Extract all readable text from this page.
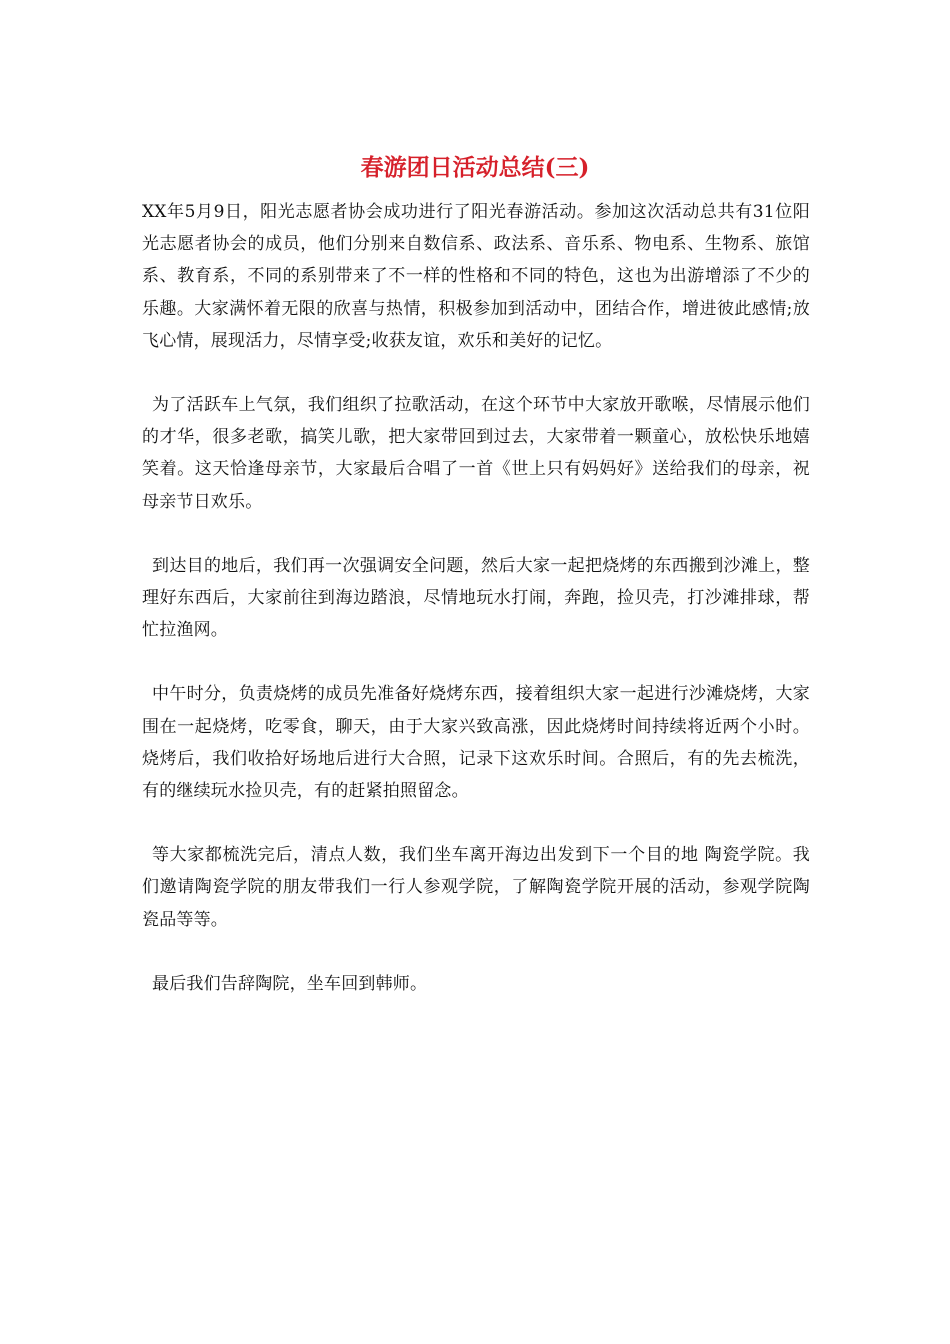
春游团日活动总结(三)

XX年5月9日，阳光志愿者协会成功进行了阳光春游活动。参加这次活动总共有31位阳光志愿者协会的成员，他们分别来自数信系、政法系、音乐系、物电系、生物系、旅馆系、教育系，不同的系别带来了不一样的性格和不同的特色，这也为出游增添了不少的乐趣。大家满怀着无限的欣喜与热情，积极参加到活动中，团结合作，增进彼此感情;放飞心情，展现活力，尽情享受;收获友谊，欢乐和美好的记忆。

为了活跃车上气氛，我们组织了拉歌活动，在这个环节中大家放开歌喉，尽情展示他们的才华，很多老歌，搞笑儿歌，把大家带回到过去，大家带着一颗童心，放松快乐地嬉笑着。这天恰逢母亲节，大家最后合唱了一首《世上只有妈妈好》送给我们的母亲，祝母亲节日欢乐。

到达目的地后，我们再一次强调安全问题，然后大家一起把烧烤的东西搬到沙滩上，整理好东西后，大家前往到海边踏浪，尽情地玩水打闹，奔跑，捡贝壳，打沙滩排球，帮忙拉渔网。

中午时分，负责烧烤的成员先准备好烧烤东西，接着组织大家一起进行沙滩烧烤，大家围在一起烧烤，吃零食，聊天，由于大家兴致高涨，因此烧烤时间持续将近两个小时。烧烤后，我们收拾好场地后进行大合照，记录下这欢乐时间。合照后，有的先去梳洗，有的继续玩水捡贝壳，有的赶紧拍照留念。

等大家都梳洗完后，清点人数，我们坐车离开海边出发到下一个目的地 陶瓷学院。我们邀请陶瓷学院的朋友带我们一行人参观学院，了解陶瓷学院开展的活动，参观学院陶瓷品等等。

最后我们告辞陶院，坐车回到韩师。
